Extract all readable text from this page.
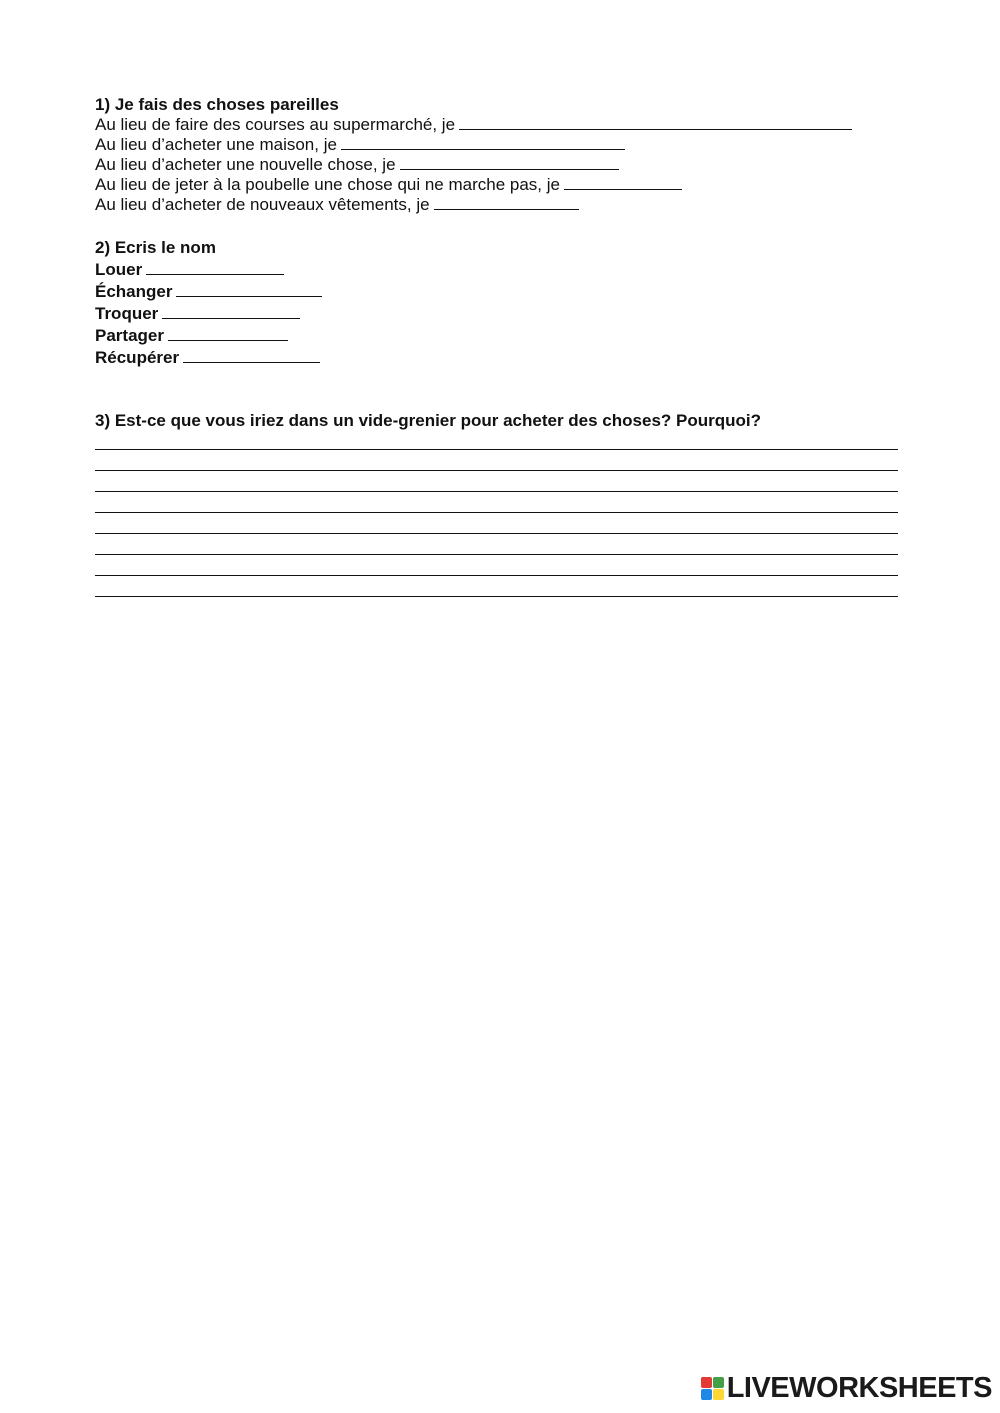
1) Je fais des choses pareilles
Au lieu de faire des courses au supermarché, je
Au lieu d’acheter une maison, je
Au lieu d’acheter une nouvelle chose, je
Au lieu de jeter à la poubelle une chose qui ne marche pas, je
Au lieu d’acheter de nouveaux vêtements, je
2) Ecris le nom
Louer
Échanger
Troquer
Partager
Récupérer
3) Est-ce que vous iriez dans un vide-grenier pour acheter des choses? Pourquoi?
LIVEWORKSHEETS
